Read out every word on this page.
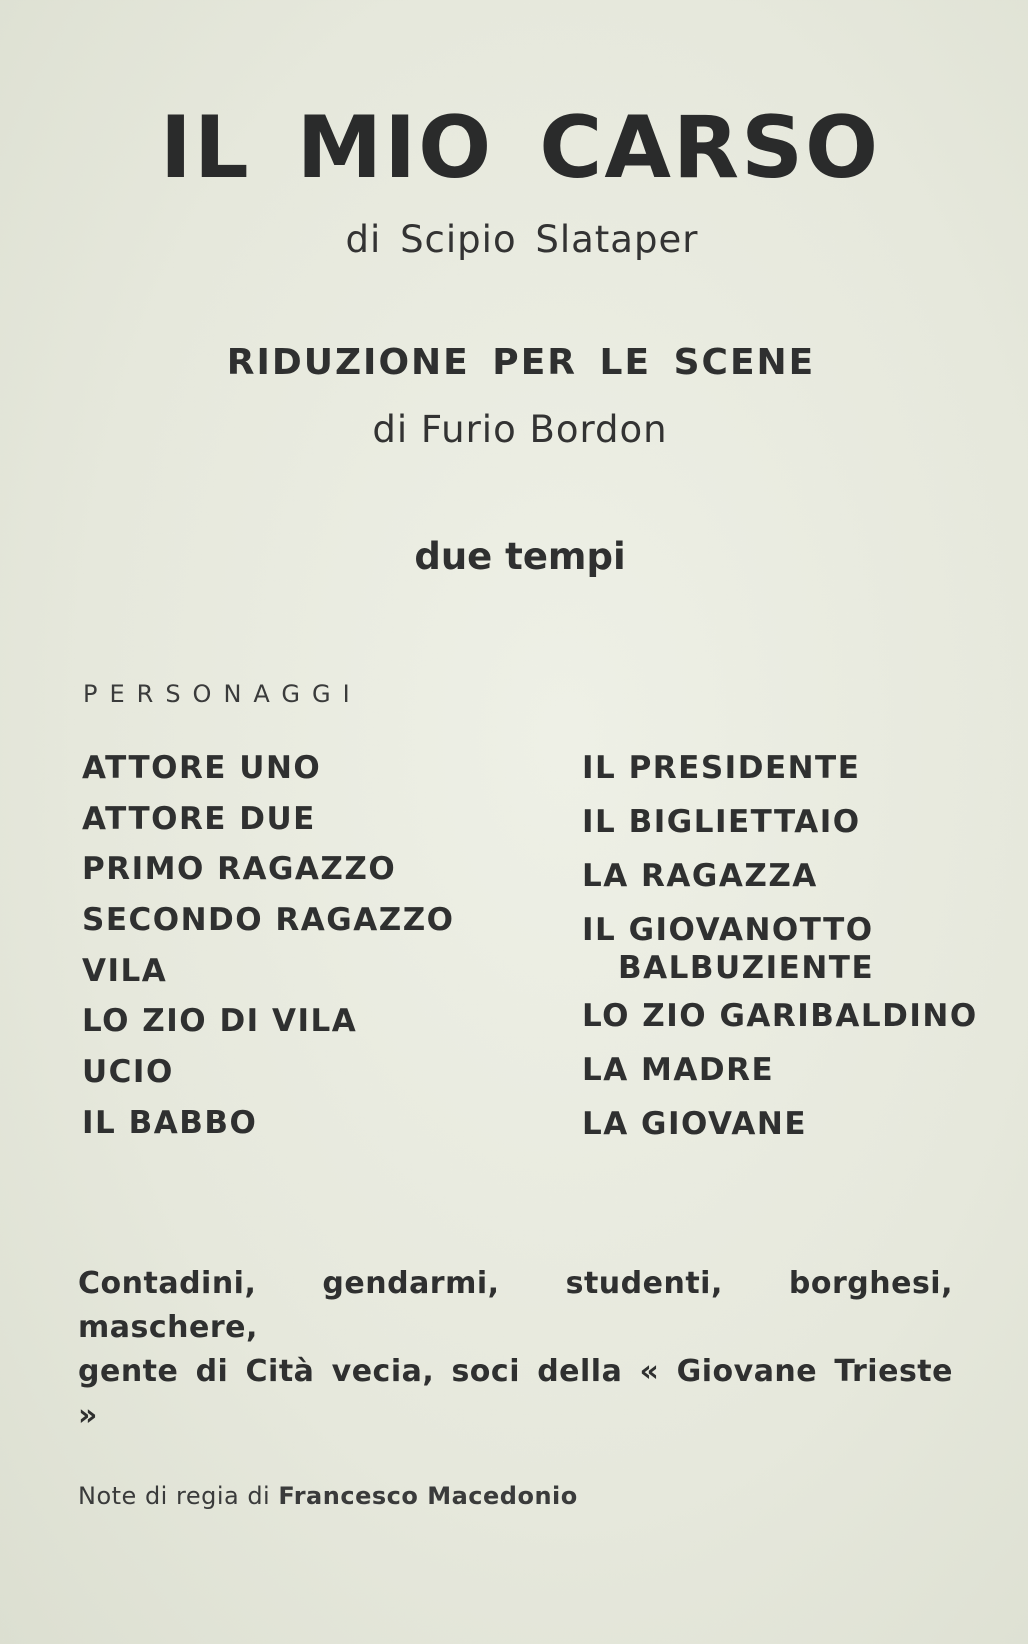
IL MIO CARSO
di Scipio Slataper
RIDUZIONE PER LE SCENE
di Furio Bordon
due tempi
PERSONAGGI
ATTORE UNO
ATTORE DUE
PRIMO RAGAZZO
SECONDO RAGAZZO
VILA
LO ZIO DI VILA
UCIO
IL BABBO
IL PRESIDENTE
IL BIGLIETTAIO
LA RAGAZZA
IL GIOVANOTTO
BALBUZIENTE
LO ZIO GARIBALDINO
LA MADRE
LA GIOVANE
Contadini, gendarmi, studenti, borghesi, maschere,
gente di Cità vecia, soci della « Giovane Trieste »
Note di regia di Francesco Macedonio
